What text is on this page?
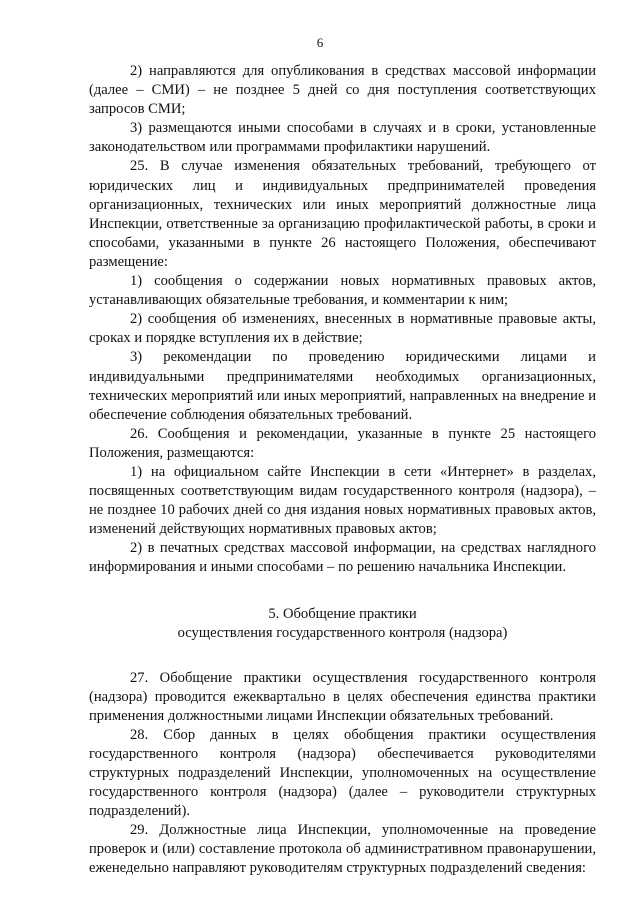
6

2) направляются для опубликования в средствах массовой информации (далее – СМИ) – не позднее 5 дней со дня поступления соответствующих запросов СМИ;

3) размещаются иными способами в случаях и в сроки, установленные законодательством или программами профилактики нарушений.

25. В случае изменения обязательных требований, требующего от юридических лиц и индивидуальных предпринимателей проведения организационных, технических или иных мероприятий должностные лица Инспекции, ответственные за организацию профилактической работы, в сроки и способами, указанными в пункте 26 настоящего Положения, обеспечивают размещение:

1) сообщения о содержании новых нормативных правовых актов, устанавливающих обязательные требования, и комментарии к ним;

2) сообщения об изменениях, внесенных в нормативные правовые акты, сроках и порядке вступления их в действие;

3) рекомендации по проведению юридическими лицами и индивидуальными предпринимателями необходимых организационных, технических мероприятий или иных мероприятий, направленных на внедрение и обеспечение соблюдения обязательных требований.

26. Сообщения и рекомендации, указанные в пункте 25 настоящего Положения, размещаются:

1) на официальном сайте Инспекции в сети «Интернет» в разделах, посвященных соответствующим видам государственного контроля (надзора), – не позднее 10 рабочих дней со дня издания новых нормативных правовых актов, изменений действующих нормативных правовых актов;

2) в печатных средствах массовой информации, на средствах наглядного информирования и иными способами – по решению начальника Инспекции.

5. Обобщение практики
осуществления государственного контроля (надзора)

27. Обобщение практики осуществления государственного контроля (надзора) проводится ежеквартально в целях обеспечения единства практики применения должностными лицами Инспекции обязательных требований.

28. Сбор данных в целях обобщения практики осуществления государственного контроля (надзора) обеспечивается руководителями структурных подразделений Инспекции, уполномоченных на осуществление государственного контроля (надзора) (далее – руководители структурных подразделений).

29. Должностные лица Инспекции, уполномоченные на проведение проверок и (или) составление протокола об административном правонарушении, еженедельно направляют руководителям структурных подразделений сведения:
